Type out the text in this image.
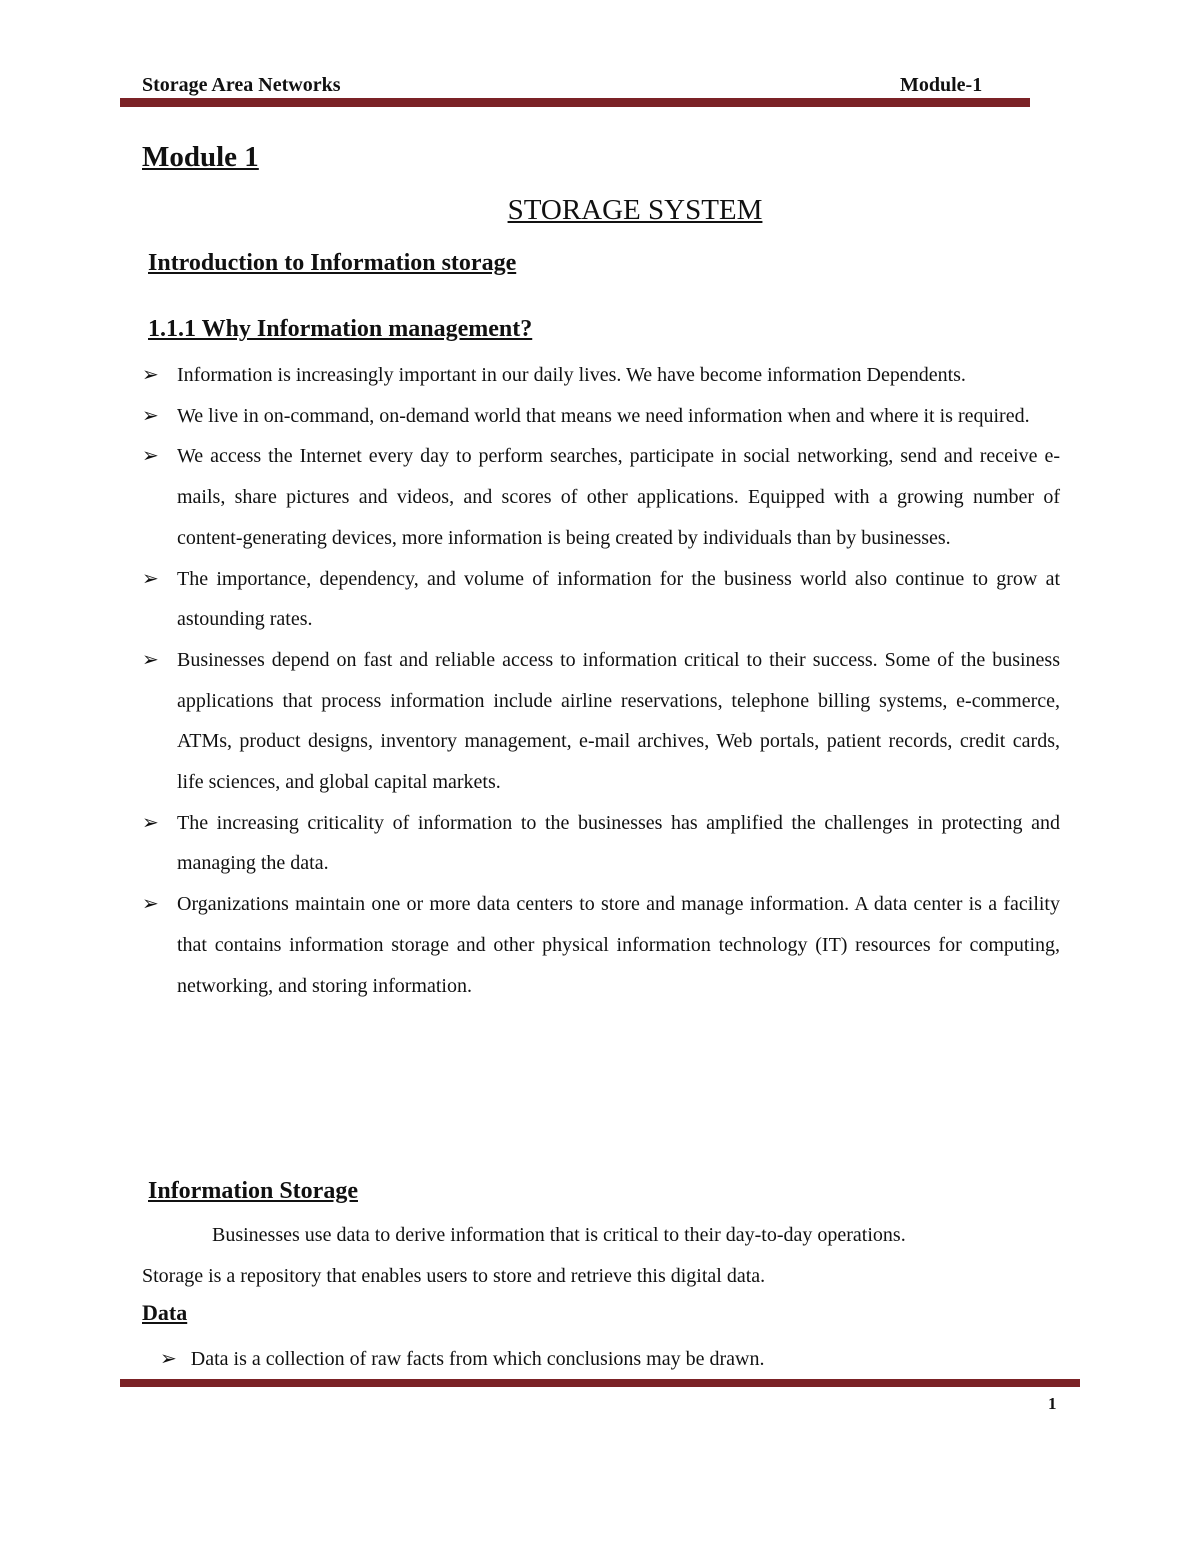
Storage Area Networks	Module-1
Module 1
STORAGE SYSTEM
Introduction to Information storage
1.1.1 Why Information management?
➢ Information is increasingly important in our daily lives. We have become information Dependents.
➢ We live in on-command, on-demand world that means we need information when and where it is required.
➢ We access the Internet every day to perform searches, participate in social networking, send and receive e-mails, share pictures and videos, and scores of other applications. Equipped with a growing number of content-generating devices, more information is being created by individuals than by businesses.
➢ The importance, dependency, and volume of information for the business world also continue to grow at astounding rates.
➢ Businesses depend on fast and reliable access to information critical to their success. Some of the business applications that process information include airline reservations, telephone billing systems, e-commerce, ATMs, product designs, inventory management, e-mail archives, Web portals, patient records, credit cards, life sciences, and global capital markets.
➢ The increasing criticality of information to the businesses has amplified the challenges in protecting and managing the data.
➢ Organizations maintain one or more data centers to store and manage information. A data center is a facility that contains information storage and other physical information technology (IT) resources for computing, networking, and storing information.
Information Storage

Businesses use data to derive information that is critical to their day-to-day operations.
Storage is a repository that enables users to store and retrieve this digital data.

Data
➢ Data is a collection of raw facts from which conclusions may be drawn.
1
